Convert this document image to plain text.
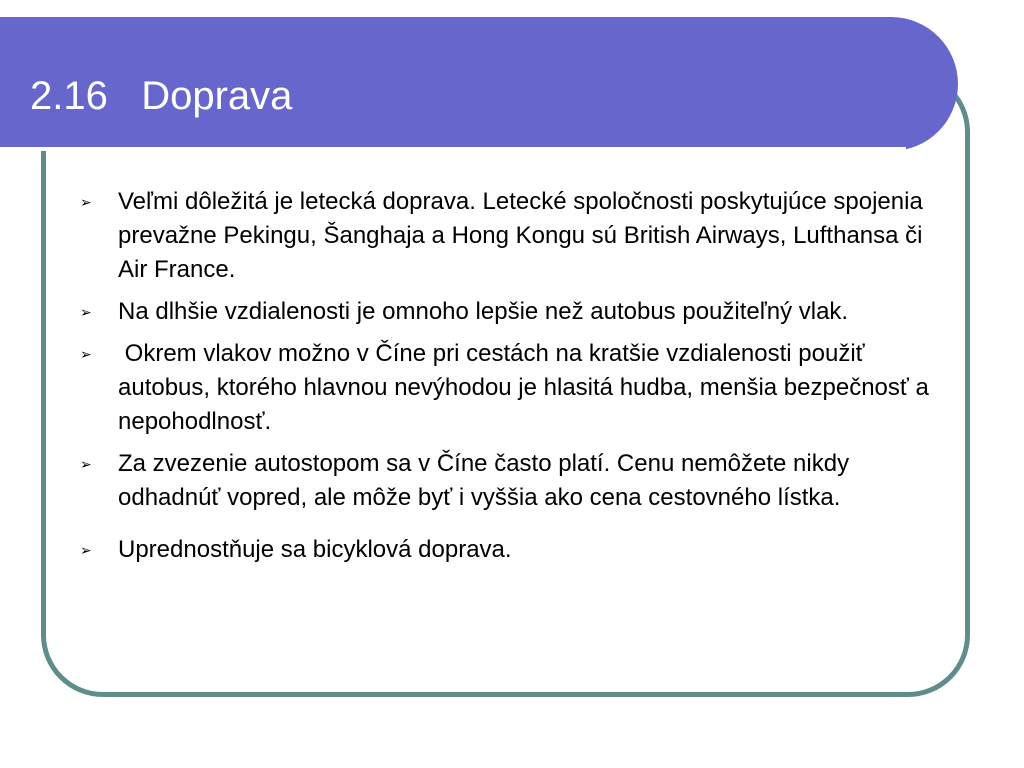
2.16   Doprava
➢ Veľmi dôležitá je letecká doprava. Letecké spoločnosti poskytujúce spojenia prevažne Pekingu, Šanghaja a Hong Kongu sú British Airways, Lufthansa či Air France.
➢ Na dlhšie vzdialenosti je omnoho lepšie než autobus použiteľný vlak.
➢ Okrem vlakov možno v Číne pri cestách na kratšie vzdialenosti použiť autobus, ktorého hlavnou nevýhodou je hlasitá hudba, menšia bezpečnosť a nepohodlnosť.
➢ Za zvezenie autostopom sa v Číne často platí. Cenu nemôžete nikdy odhadnúť vopred, ale môže byť i vyššia ako cena cestovného lístka.
➢ Uprednostňuje sa bicyklová doprava.
